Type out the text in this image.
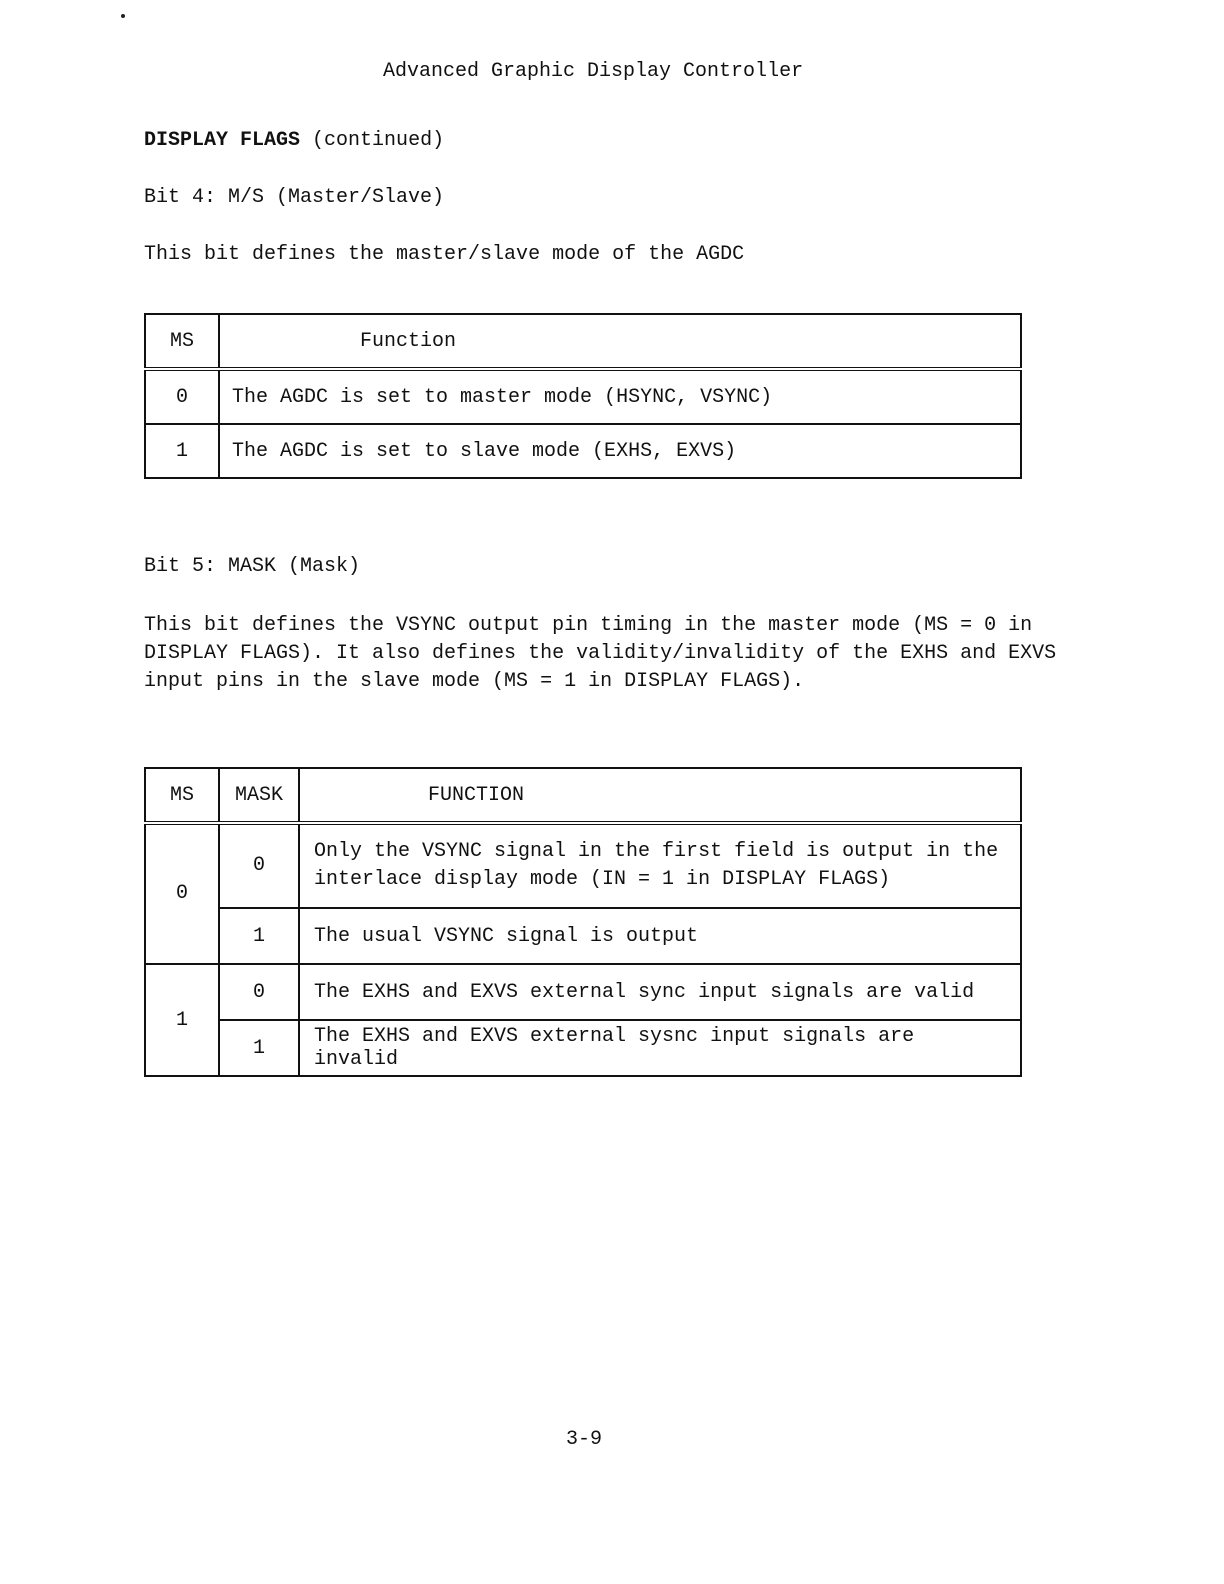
Advanced Graphic Display Controller
DISPLAY FLAGS (continued)
Bit 4: M/S (Master/Slave)
This bit defines the master/slave mode of the AGDC
MS	Function
0	The AGDC is set to master mode (HSYNC, VSYNC)
1	The AGDC is set to slave mode (EXHS, EXVS)
Bit 5: MASK (Mask)
This bit defines the VSYNC output pin timing in the master mode (MS = 0 in
DISPLAY FLAGS). It also defines the validity/invalidity of the EXHS and EXVS
input pins in the slave mode (MS = 1 in DISPLAY FLAGS).
MS	MASK	FUNCTION
0	0	Only the VSYNC signal in the first field is output in the
interlace display mode (IN = 1 in DISPLAY FLAGS)

	1	The usual VSYNC signal is output
1	0	The EXHS and EXVS external sync input signals are valid
	1	The EXHS and EXVS external sysnc input signals are invalid
3-9
